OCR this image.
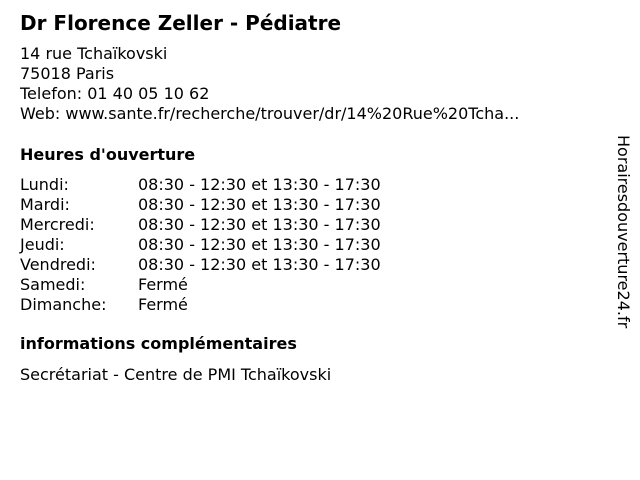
Dr Florence Zeller - Pédiatre
14 rue Tchaïkovski
75018 Paris
Telefon: 01 40 05 10 62
Web: www.sante.fr/recherche/trouver/dr/14%20Rue%20Tcha...
Heures d'ouverture
Lundi:	08:30 - 12:30 et 13:30 - 17:30
Mardi:	08:30 - 12:30 et 13:30 - 17:30
Mercredi:	08:30 - 12:30 et 13:30 - 17:30
Jeudi:	08:30 - 12:30 et 13:30 - 17:30
Vendredi:	08:30 - 12:30 et 13:30 - 17:30
Samedi:	Fermé
Dimanche:	Fermé
informations complémentaires
Secrétariat - Centre de PMI Tchaïkovski
Horairesdouverture24.fr
